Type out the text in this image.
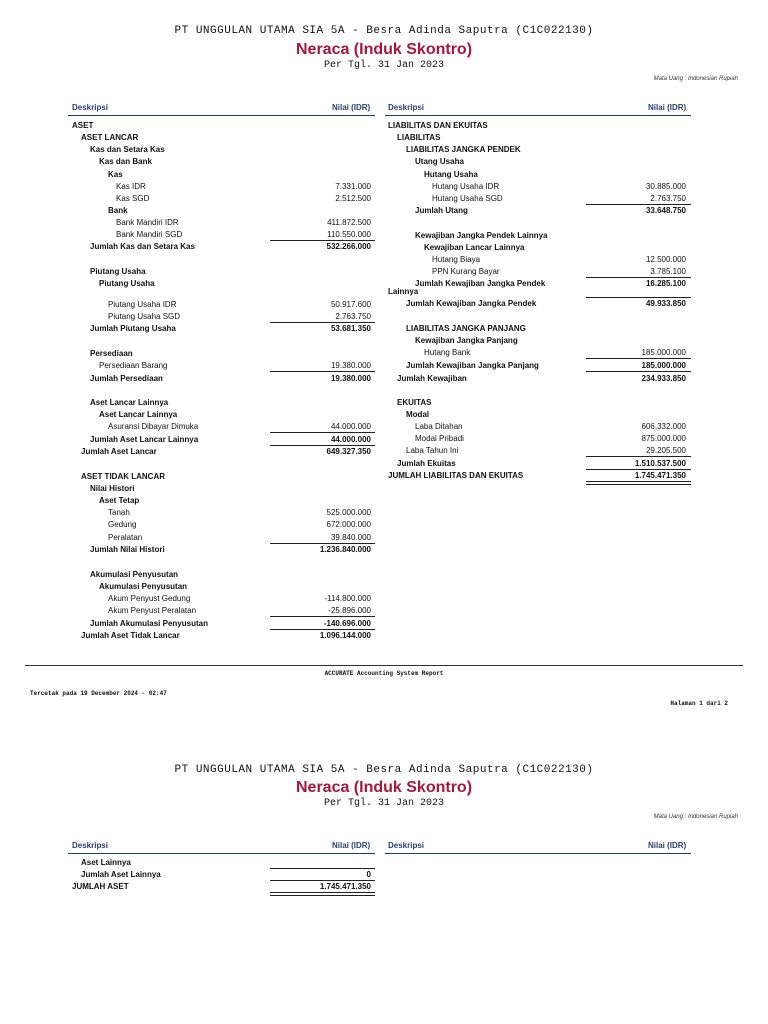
PT UNGGULAN UTAMA SIA 5A - Besra Adinda Saputra (C1C022130)
Neraca (Induk Skontro)
Per Tgl. 31 Jan 2023
Mata Uang : Indonesian Rupiah
Deskripsi	Nilai (IDR) Deskripsi	Nilai (IDR)
ASET
ASET LANCAR
Kas dan Setara Kas
Kas dan Bank
Kas
Kas IDR	7.331.000
Kas SGD	2.512.500
Bank
Bank Mandiri IDR	411.872.500
Bank Mandiri SGD	110.550.000
Jumlah Kas dan Setara Kas	532.266.000
Piutang Usaha
Piutang Usaha
Piutang Usaha IDR	50.917.600
Piutang Usaha SGD	2.763.750
Jumlah Piutang Usaha	53.681.350
Persediaan
Persediaan Barang	19.380.000
Jumlah Persediaan	19.380.000
Aset Lancar Lainnya
Aset Lancar Lainnya
Asuransi Dibayar Dimuka	44.000.000
Jumlah Aset Lancar Lainnya	44.000.000
Jumlah Aset Lancar	649.327.350
ASET TIDAK LANCAR
Nilai Histori
Aset Tetap
Tanah	525.000.000
Gedung	672.000.000
Peralatan	39.840.000
Jumlah Nilai Histori	1.236.840.000
Akumulasi Penyusutan
Akumulasi Penyusutan
Akum Penyust Gedung	-114.800.000
Akum Penyust Peralatan	-25.896.000
Jumlah Akumulasi Penyusutan	-140.696.000
Jumlah Aset Tidak Lancar	1.096.144.000
LIABILITAS DAN EKUITAS
LIABILITAS
LIABILITAS JANGKA PENDEK
Utang Usaha
Hutang Usaha
Hutang Usaha IDR	30.885.000
Hutang Usaha SGD	2.763.750
Jumlah Utang	33.648.750
Kewajiban Jangka Pendek Lainnya
Kewajiban Lancar Lainnya
Hutang Biaya	12.500.000
PPN Kurang Bayar	3.785.100
Jumlah Kewajiban Jangka Pendek	16.285.100
Lainnya
Jumlah Kewajiban Jangka Pendek	49.933.850
LIABILITAS JANGKA PANJANG
Kewajiban Jangka Panjang
Hutang Bank	185.000.000
Jumlah Kewajiban Jangka Panjang	185.000.000
Jumlah Kewajiban	234.933.850
EKUITAS
Modal
Laba Ditahan	606.332.000
Modal Pribadi	875.000.000
Laba Tahun Ini	29.205.500
Jumlah Ekuitas	1.510.537.500
JUMLAH LIABILITAS DAN EKUITAS	1.745.471.350
ACCURATE Accounting System Report
Tercetak pada 19 December 2024 - 02:47
Halaman 1 dari 2
PT UNGGULAN UTAMA SIA 5A - Besra Adinda Saputra (C1C022130)
Neraca (Induk Skontro)
Per Tgl. 31 Jan 2023
Mata Uang : Indonesian Rupiah
Deskripsi	Nilai (IDR) Deskripsi	Nilai (IDR)
Aset Lainnya
Jumlah Aset Lainnya	0
JUMLAH ASET	1.745.471.350
